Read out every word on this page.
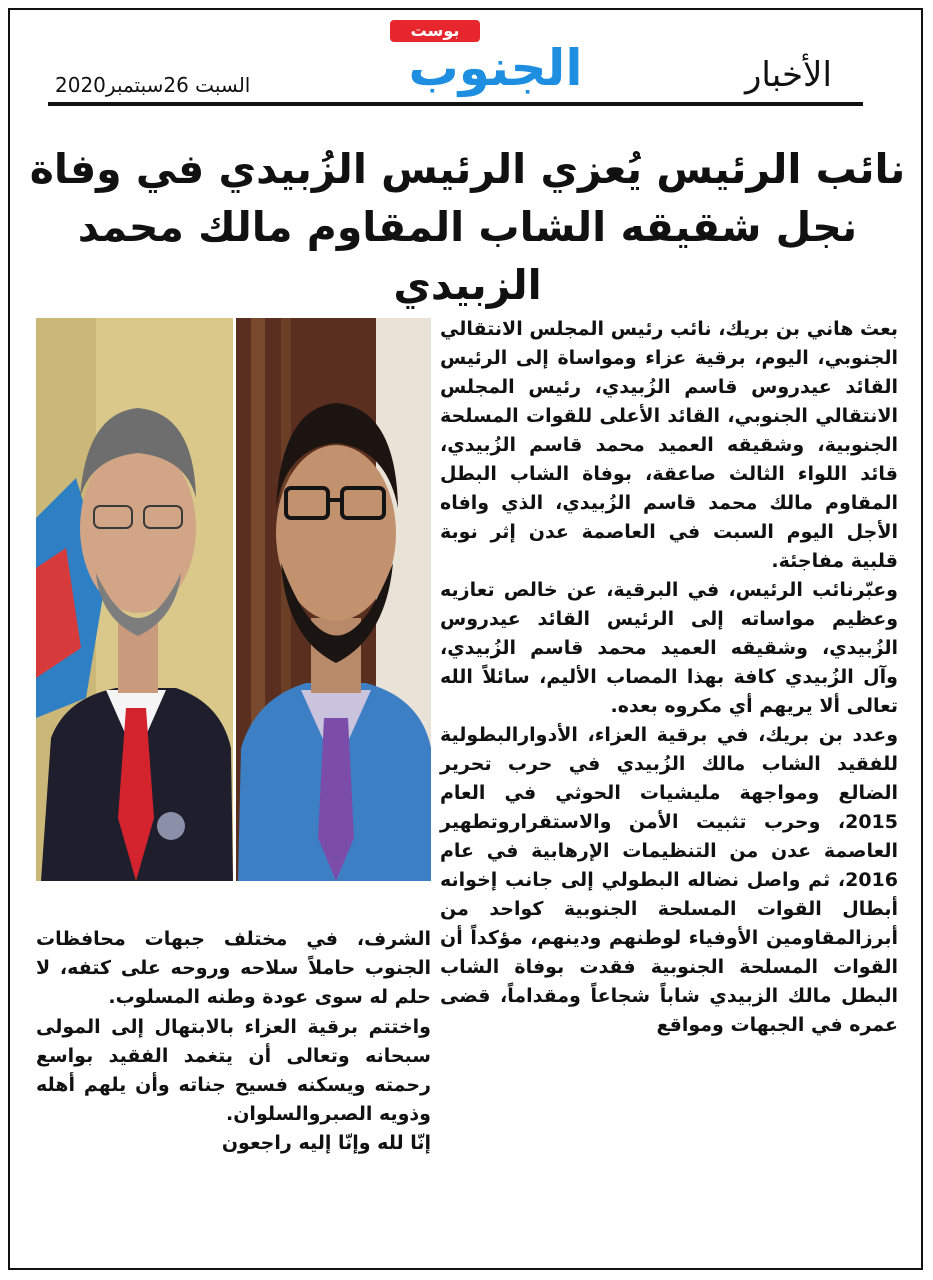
الأخبار
بوست
الجنوب
السبت 26سبتمبر2020
نائب الرئيس يُعزي الرئيس الزُبيدي في وفاة
نجل شقيقه الشاب المقاوم مالك محمد الزبيدي

بعث هاني بن بريك، نائب رئيس المجلس الانتقالي الجنوبي، اليوم، برقية عزاء ومواساة إلى الرئيس القائد عيدروس قاسم الزُبيدي، رئيس المجلس الانتقالي الجنوبي، القائد الأعلى للقوات المسلحة الجنوبية، وشقيقه العميد محمد قاسم الزُبيدي، قائد اللواء الثالث صاعقة، بوفاة الشاب البطل المقاوم مالك محمد قاسم الزُبيدي، الذي وافاه الأجل اليوم السبت في العاصمة عدن إثر نوبة قلبية مفاجئة.

وعبّرنائب الرئيس، في البرقية، عن خالص تعازيه وعظيم مواساته إلى الرئيس القائد عيدروس الزُبيدي، وشقيقه العميد محمد قاسم الزُبيدي، وآل الزُبيدي كافة بهذا المصاب الأليم، سائلاً الله تعالى ألا يريهم أي مكروه بعده.

وعدد بن بريك، في برقية العزاء، الأدوارالبطولية للفقيد الشاب مالك الزُبيدي في حرب تحرير الضالع ومواجهة مليشيات الحوثي في العام 2015، وحرب تثبيت الأمن والاستقراروتطهير العاصمة عدن من التنظيمات الإرهابية في عام 2016، ثم واصل نضاله البطولي إلى جانب إخوانه أبطال القوات المسلحة الجنوبية كواحد من أبرزالمقاومين الأوفياء لوطنهم ودينهم، مؤكداً أن القوات المسلحة الجنوبية فقدت بوفاة الشاب البطل مالك الزبيدي شاباً شجاعاً ومقداماً، قضى عمره في الجبهات ومواقع

الشرف، في مختلف جبهات محافظات الجنوب حاملاً سلاحه وروحه على كتفه، لا حلم له سوى عودة وطنه المسلوب.

واختتم برقية العزاء بالابتهال إلى المولى سبحانه وتعالى أن يتغمد الفقيد بواسع رحمته ويسكنه فسيح جناته وأن يلهم أهله وذويه الصبروالسلوان.

إنّا لله وإنّا إليه راجعون
